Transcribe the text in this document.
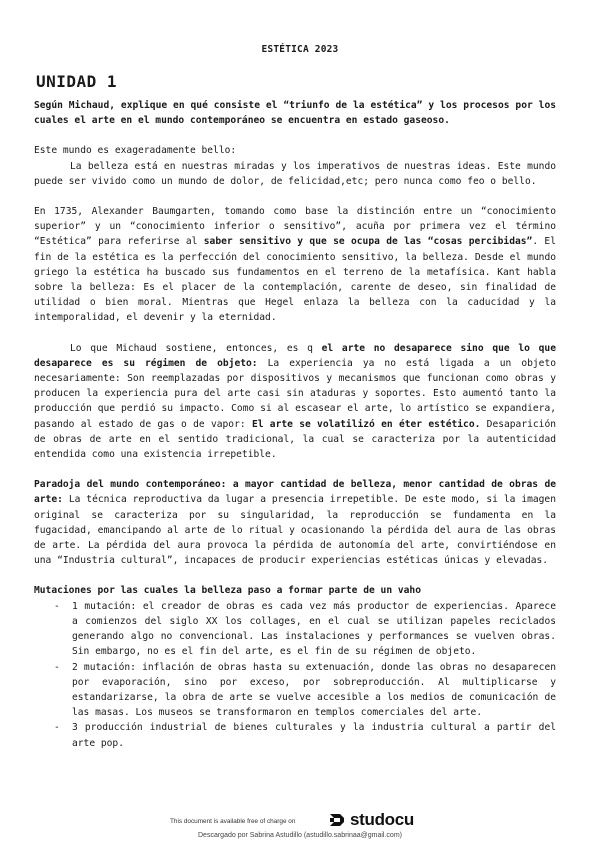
ESTÉTICA 2023
UNIDAD 1

Según Michaud, explique en qué consiste el “triunfo de la estética” y los procesos por los cuales el arte en el mundo contemporáneo se encuentra en estado gaseoso.

Este mundo es exageradamente bello:

La belleza está en nuestras miradas y los imperativos de nuestras ideas. Este mundo puede ser vivido como un mundo de dolor, de felicidad,etc; pero nunca como feo o bello.

En 1735, Alexander Baumgarten, tomando como base la distinción entre un “conocimiento superior” y un “conocimiento inferior o sensitivo”, acuña por primera vez el término “Estética” para referirse al saber sensitivo y que se ocupa de las “cosas percibidas”. El fin de la estética es la perfección del conocimiento sensitivo, la belleza. Desde el mundo griego la estética ha buscado sus fundamentos en el terreno de la metafísica. Kant habla sobre la belleza: Es el placer de la contemplación, carente de deseo, sin finalidad de utilidad o bien moral. Mientras que Hegel enlaza la belleza con la caducidad y la intemporalidad, el devenir y la eternidad.

Lo que Michaud sostiene, entonces, es q el arte no desaparece sino que lo que desaparece es su régimen de objeto: La experiencia ya no está ligada a un objeto necesariamente: Son reemplazadas por dispositivos y mecanismos que funcionan como obras y producen la experiencia pura del arte casi sin ataduras y soportes. Esto aumentó tanto la producción que perdió su impacto. Como si al escasear el arte, lo artístico se expandiera, pasando al estado de gas o de vapor: El arte se volatilizó en éter estético. Desaparición de obras de arte en el sentido tradicional, la cual se caracteriza por la autenticidad entendida como una existencia irrepetible.

Paradoja del mundo contemporáneo: a mayor cantidad de belleza, menor cantidad de obras de arte: La técnica reproductiva da lugar a presencia irrepetible. De este modo, si la imagen original se caracteriza por su singularidad, la reproducción se fundamenta en la fugacidad, emancipando al arte de lo ritual y ocasionando la pérdida del aura de las obras de arte. La pérdida del aura provoca la pérdida de autonomía del arte, convirtiéndose en una “Industria cultural”, incapaces de producir experiencias estéticas únicas y elevadas.

Mutaciones por las cuales la belleza paso a formar parte de un vaho

- 1 mutación: el creador de obras es cada vez más productor de experiencias. Aparece a comienzos del siglo XX los collages, en el cual se utilizan papeles reciclados generando algo no convencional. Las instalaciones y performances se vuelven obras. Sin embargo, no es el fin del arte, es el fin de su régimen de objeto.
- 2 mutación: inflación de obras hasta su extenuación, donde las obras no desaparecen por evaporación, sino por exceso, por sobreproducción. Al multiplicarse y estandarizarse, la obra de arte se vuelve accesible a los medios de comunicación de las masas. Los museos se transformaron en templos comerciales del arte.
- 3 producción industrial de bienes culturales y la industria cultural a partir del arte pop.
This document is available free of charge on	studocu
Descargado por Sabrina Astudillo (astudillo.sabrinaa@gmail.com)
